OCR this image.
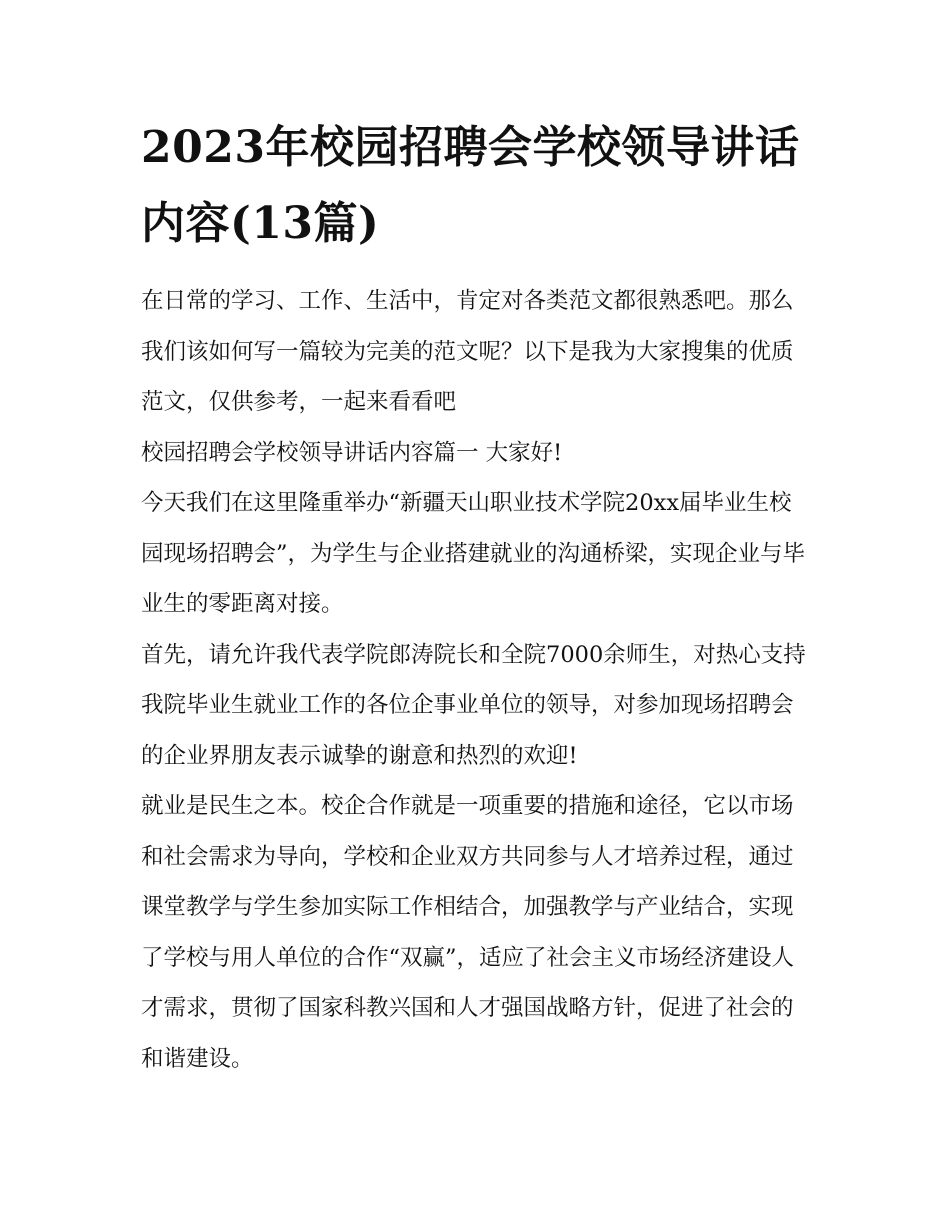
2023年校园招聘会学校领导讲话内容(13篇)

在日常的学习、工作、生活中，肯定对各类范文都很熟悉吧。那么我们该如何写一篇较为完美的范文呢？以下是我为大家搜集的优质范文，仅供参考，一起来看看吧

校园招聘会学校领导讲话内容篇一 大家好!

今天我们在这里隆重举办“新疆天山职业技术学院20xx届毕业生校园现场招聘会”，为学生与企业搭建就业的沟通桥梁，实现企业与毕业生的零距离对接。

首先，请允许我代表学院郎涛院长和全院7000余师生，对热心支持我院毕业生就业工作的各位企事业单位的领导，对参加现场招聘会的企业界朋友表示诚挚的谢意和热烈的欢迎!

就业是民生之本。校企合作就是一项重要的措施和途径，它以市场和社会需求为导向，学校和企业双方共同参与人才培养过程，通过课堂教学与学生参加实际工作相结合，加强教学与产业结合，实现了学校与用人单位的合作“双赢”，适应了社会主义市场经济建设人才需求，贯彻了国家科教兴国和人才强国战略方针，促进了社会的和谐建设。
